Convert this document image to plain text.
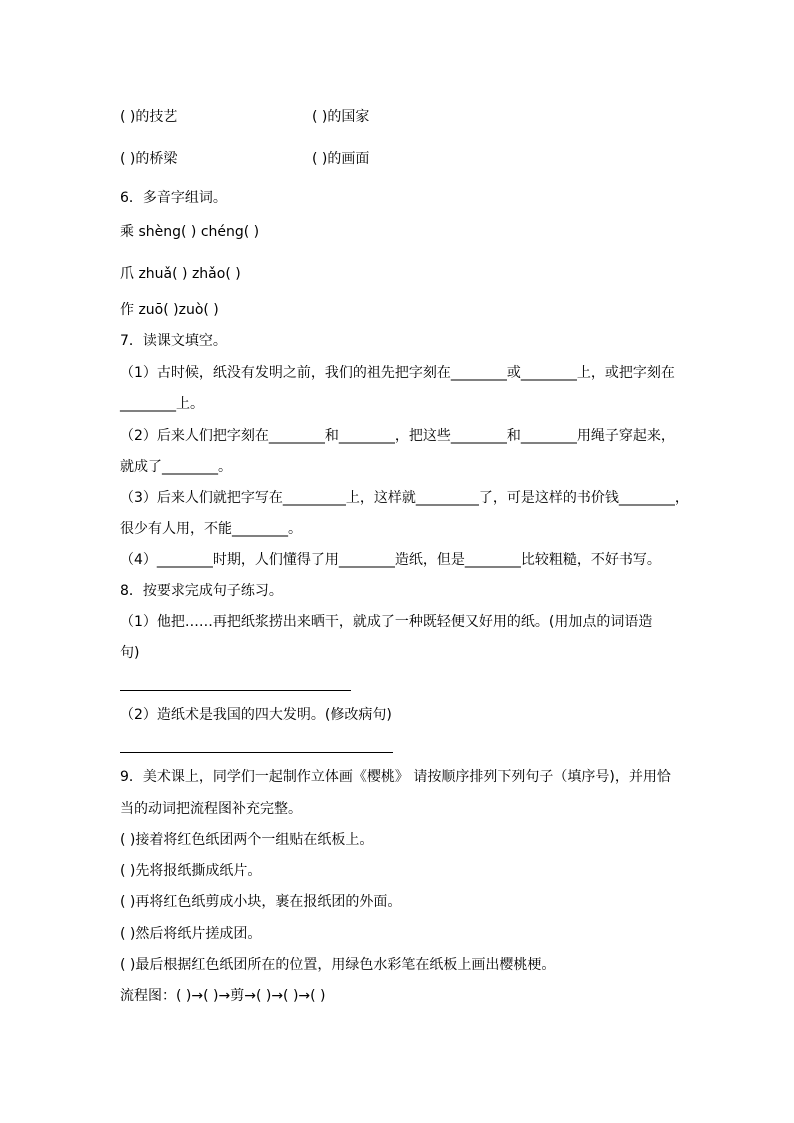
( )的技艺	( )的国家
( )的桥梁	( )的画面
6．多音字组词。
乘 shèng( ) chéng( )
爪 zhuǎ( ) zhǎo( )
作 zuō( )zuò( )
7．读课文填空。
（1）古时候，纸没有发明之前，我们的祖先把字刻在________或________上，或把字刻在
________上。
（2）后来人们把字刻在________和________，把这些________和________用绳子穿起来，
就成了________。
（3）后来人们就把字写在_________上，这样就_________了，可是这样的书价钱________，
很少有人用，不能________。
（4）________时期，人们懂得了用________造纸，但是________比较粗糙，不好书写。
8．按要求完成句子练习。
（1）他把……再把纸浆捞出来晒干，就成了一种既轻便又好用的纸。(用加点的词语造
句)
（2）造纸术是我国的四大发明。(修改病句)
9．美术课上，同学们一起制作立体画《樱桃》 请按顺序排列下列句子（填序号)，并用恰
当的动词把流程图补充完整。
( )接着将红色纸团两个一组贴在纸板上。
( )先将报纸撕成纸片。
( )再将红色纸剪成小块，裹在报纸团的外面。
( )然后将纸片搓成团。
( )最后根据红色纸团所在的位置，用绿色水彩笔在纸板上画出樱桃梗。
流程图：( )→( )→剪→( )→( )→( )
